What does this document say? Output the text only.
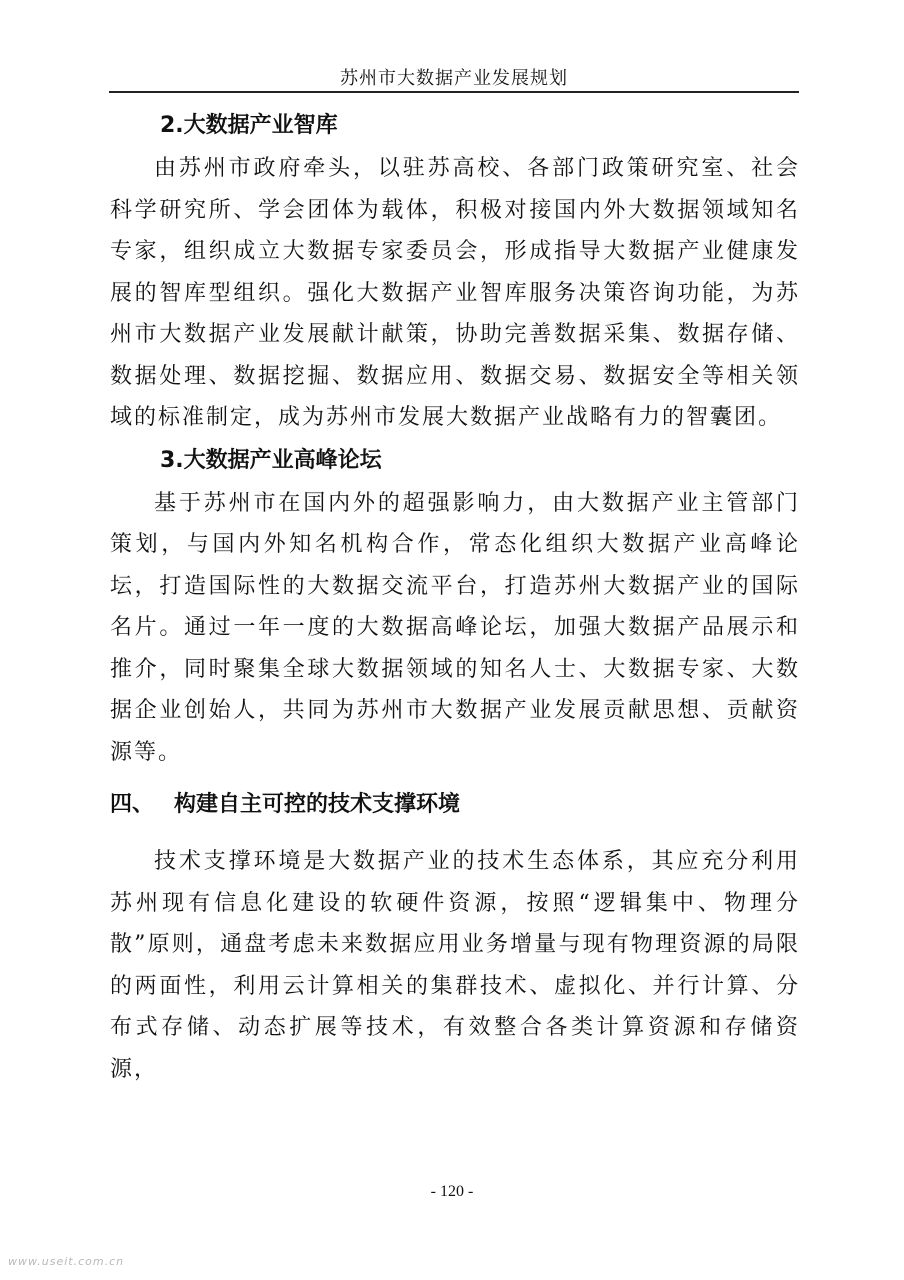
苏州市大数据产业发展规划
2.大数据产业智库

由苏州市政府牵头，以驻苏高校、各部门政策研究室、社会科学研究所、学会团体为载体，积极对接国内外大数据领域知名专家，组织成立大数据专家委员会，形成指导大数据产业健康发展的智库型组织。强化大数据产业智库服务决策咨询功能，为苏州市大数据产业发展献计献策，协助完善数据采集、数据存储、数据处理、数据挖掘、数据应用、数据交易、数据安全等相关领域的标准制定，成为苏州市发展大数据产业战略有力的智囊团。

3.大数据产业高峰论坛

基于苏州市在国内外的超强影响力，由大数据产业主管部门策划，与国内外知名机构合作，常态化组织大数据产业高峰论坛，打造国际性的大数据交流平台，打造苏州大数据产业的国际名片。通过一年一度的大数据高峰论坛，加强大数据产品展示和推介，同时聚集全球大数据领域的知名人士、大数据专家、大数据企业创始人，共同为苏州市大数据产业发展贡献思想、贡献资源等。

四、 构建自主可控的技术支撑环境

技术支撑环境是大数据产业的技术生态体系，其应充分利用苏州现有信息化建设的软硬件资源，按照“逻辑集中、物理分散”原则，通盘考虑未来数据应用业务增量与现有物理资源的局限的两面性，利用云计算相关的集群技术、虚拟化、并行计算、分布式存储、动态扩展等技术，有效整合各类计算资源和存储资源，

- 120 -
www.useit.com.cn
